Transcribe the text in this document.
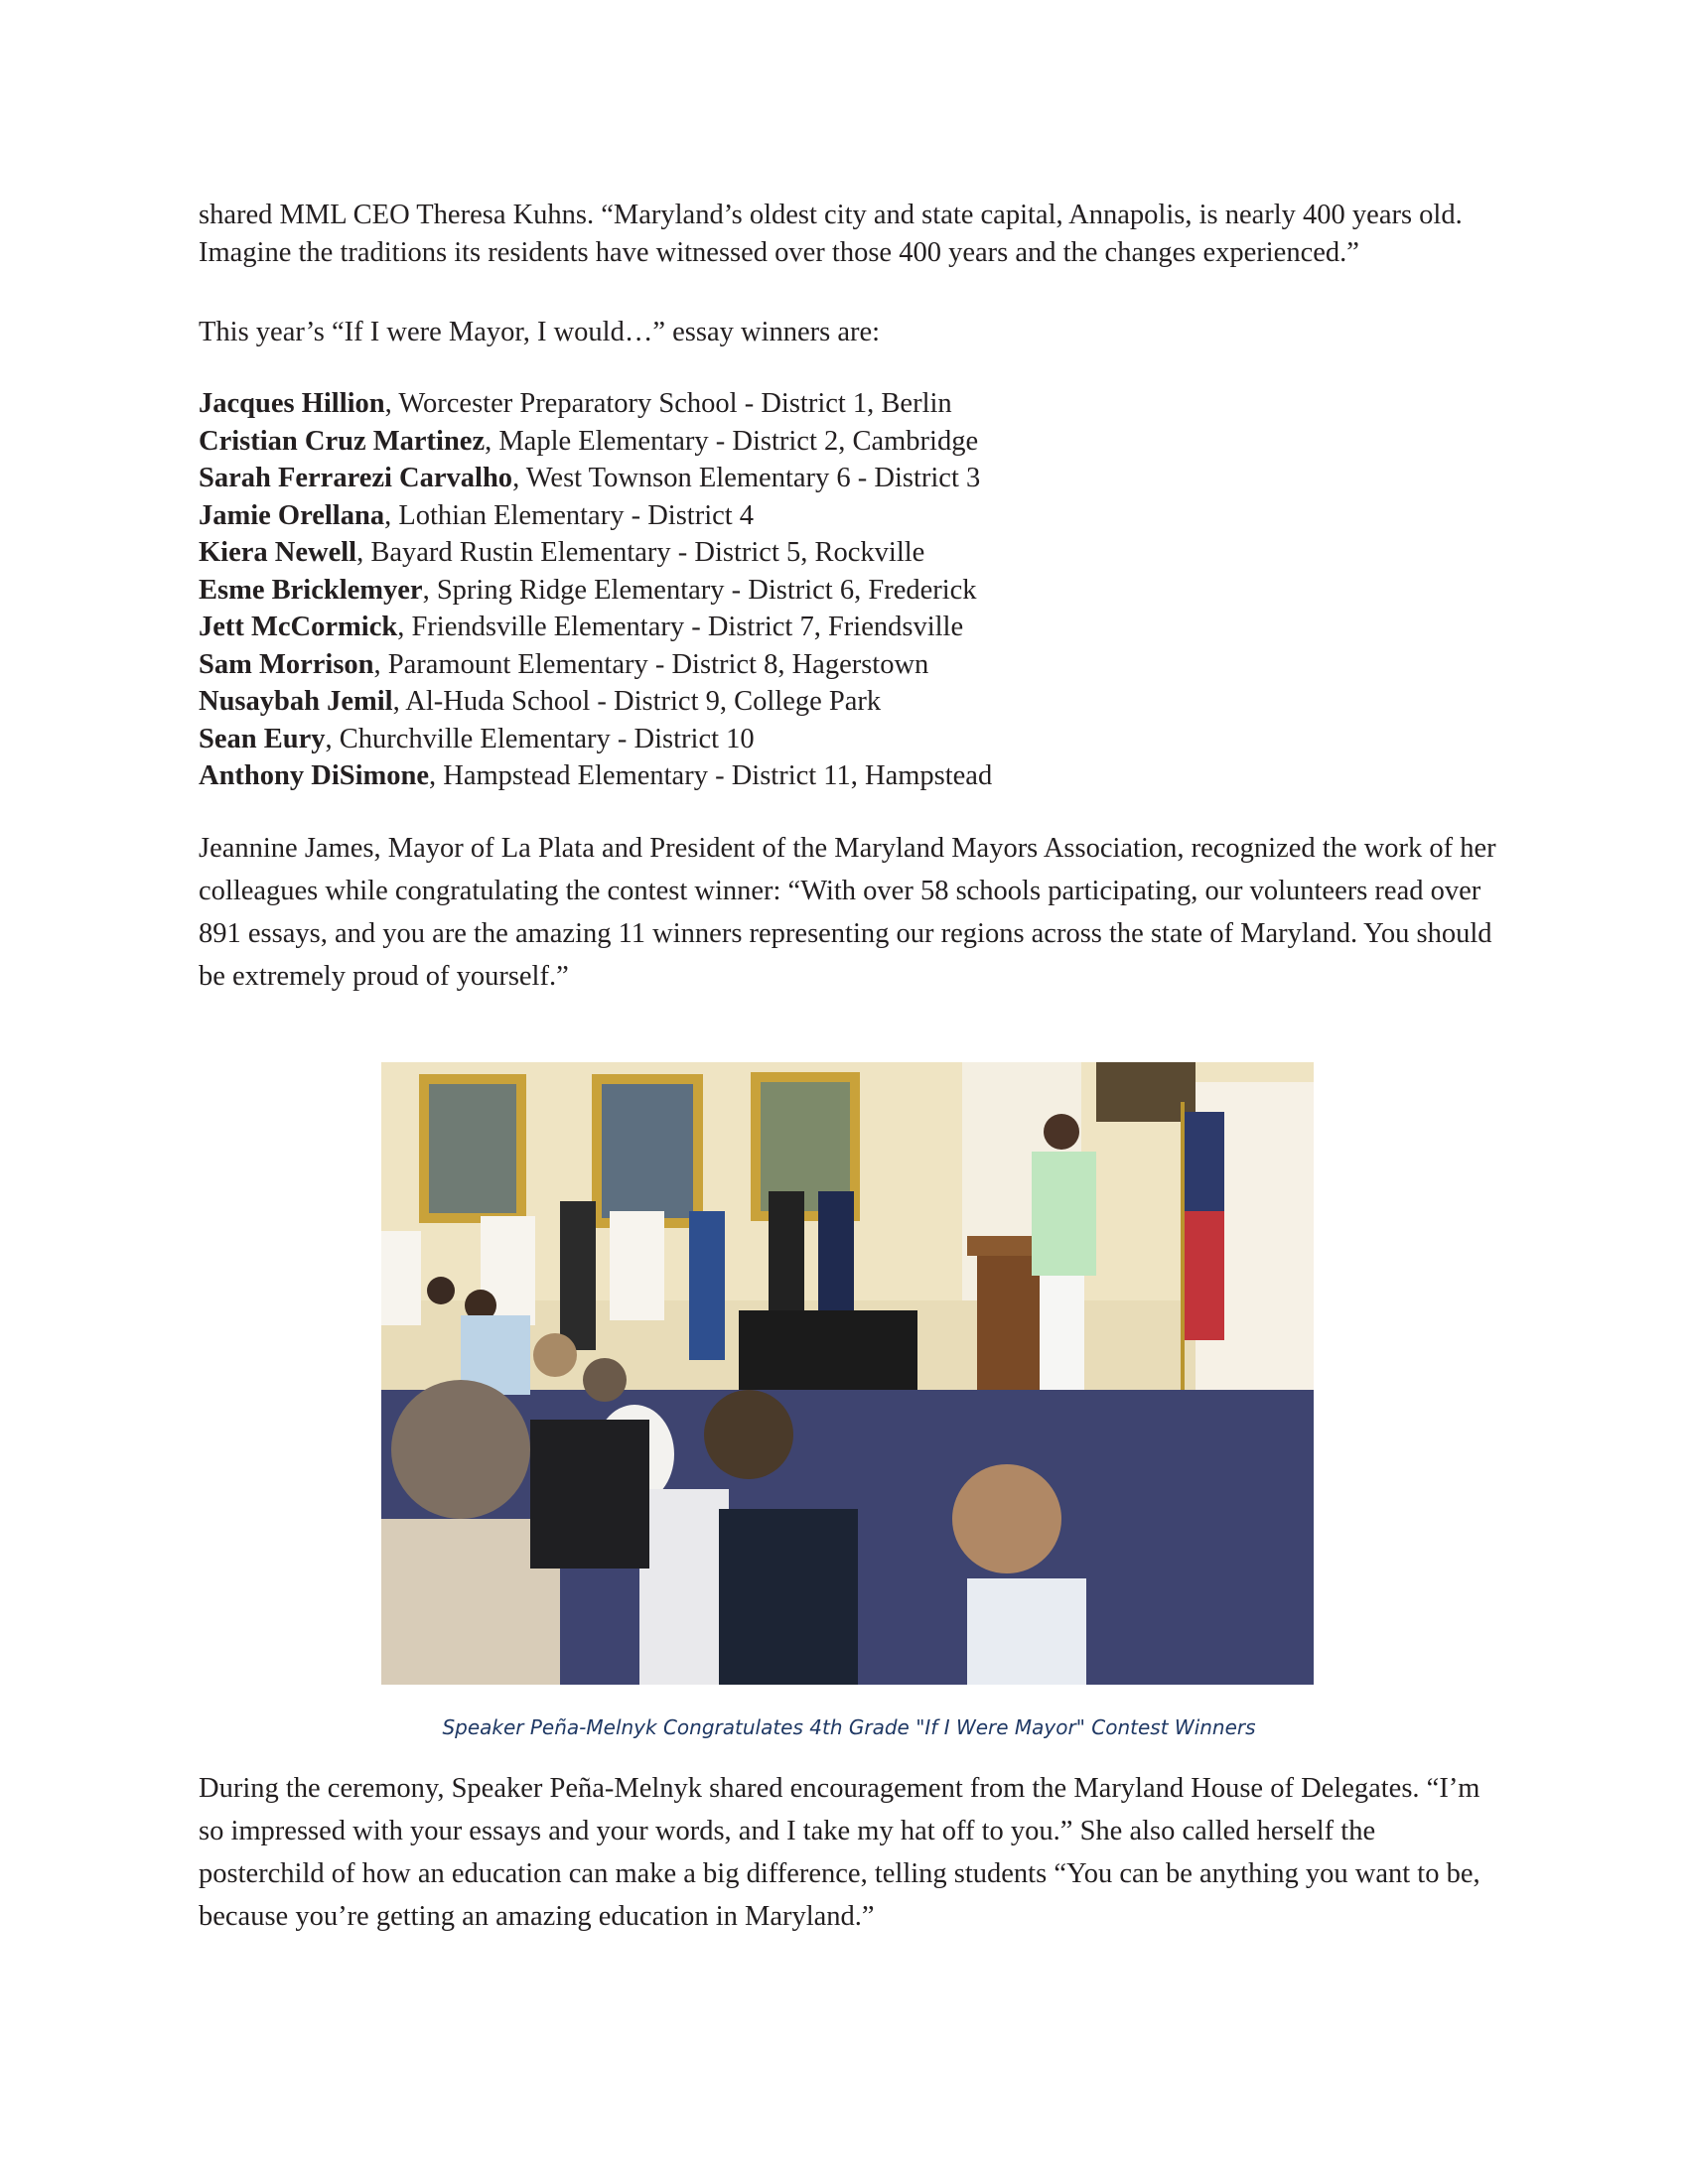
shared MML CEO Theresa Kuhns. “Maryland’s oldest city and state capital, Annapolis, is nearly 400 years old. Imagine the traditions its residents have witnessed over those 400 years and the changes experienced.”

This year’s “If I were Mayor, I would…” essay winners are:

Jacques Hillion, Worcester Preparatory School - District 1, Berlin
Cristian Cruz Martinez, Maple Elementary - District 2, Cambridge
Sarah Ferrarezi Carvalho, West Townson Elementary 6 - District 3
Jamie Orellana, Lothian Elementary - District 4
Kiera Newell, Bayard Rustin Elementary - District 5, Rockville
Esme Bricklemyer, Spring Ridge Elementary - District 6, Frederick
Jett McCormick, Friendsville Elementary - District 7, Friendsville
Sam Morrison, Paramount Elementary - District 8, Hagerstown
Nusaybah Jemil, Al-Huda School - District 9, College Park
Sean Eury, Churchville Elementary - District 10
Anthony DiSimone, Hampstead Elementary - District 11, Hampstead

Jeannine James, Mayor of La Plata and President of the Maryland Mayors Association, recognized the work of her colleagues while congratulating the contest winner: “With over 58 schools participating, our volunteers read over 891 essays, and you are the amazing 11 winners representing our regions across the state of Maryland. You should be extremely proud of yourself.”

Speaker Peña-Melnyk Congratulates 4th Grade "If I Were Mayor" Contest Winners

During the ceremony, Speaker Peña-Melnyk shared encouragement from the Maryland House of Delegates. “I’m so impressed with your essays and your words, and I take my hat off to you.” She also called herself the posterchild of how an education can make a big difference, telling students “You can be anything you want to be, because you’re getting an amazing education in Maryland.”
